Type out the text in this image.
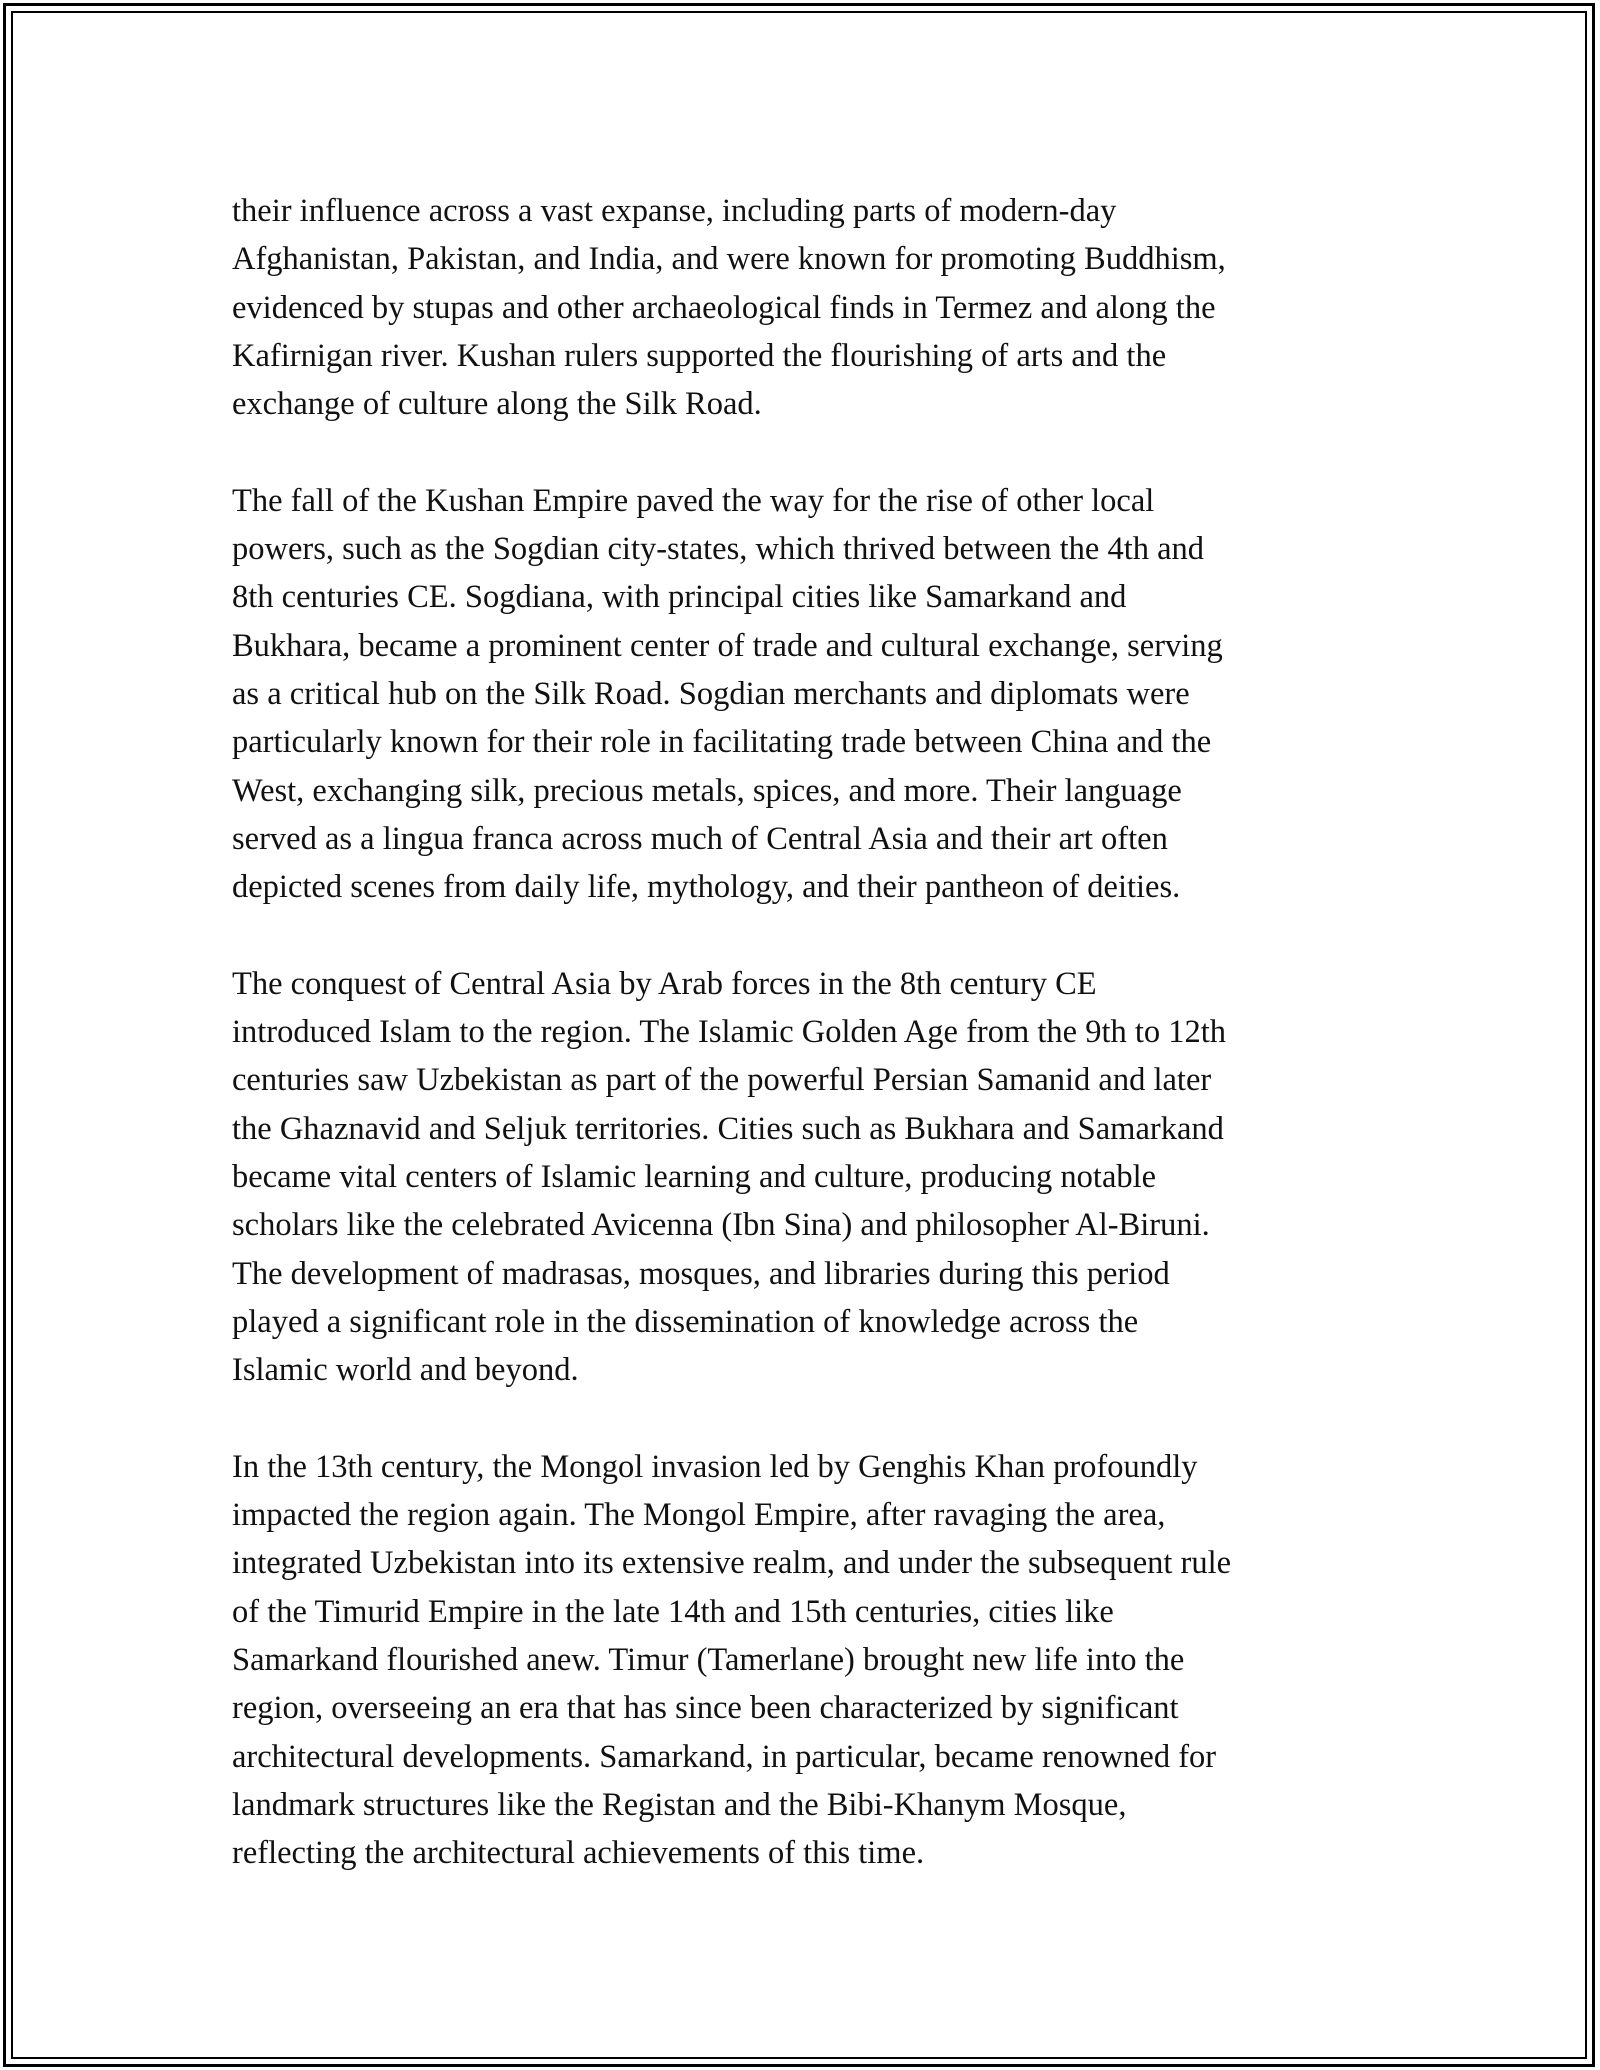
their influence across a vast expanse, including parts of modern-day
Afghanistan, Pakistan, and India, and were known for promoting Buddhism,
evidenced by stupas and other archaeological finds in Termez and along the
Kafirnigan river. Kushan rulers supported the flourishing of arts and the
exchange of culture along the Silk Road.

The fall of the Kushan Empire paved the way for the rise of other local
powers, such as the Sogdian city-states, which thrived between the 4th and
8th centuries CE. Sogdiana, with principal cities like Samarkand and
Bukhara, became a prominent center of trade and cultural exchange, serving
as a critical hub on the Silk Road. Sogdian merchants and diplomats were
particularly known for their role in facilitating trade between China and the
West, exchanging silk, precious metals, spices, and more. Their language
served as a lingua franca across much of Central Asia and their art often
depicted scenes from daily life, mythology, and their pantheon of deities.

The conquest of Central Asia by Arab forces in the 8th century CE
introduced Islam to the region. The Islamic Golden Age from the 9th to 12th
centuries saw Uzbekistan as part of the powerful Persian Samanid and later
the Ghaznavid and Seljuk territories. Cities such as Bukhara and Samarkand
became vital centers of Islamic learning and culture, producing notable
scholars like the celebrated Avicenna (Ibn Sina) and philosopher Al-Biruni.
The development of madrasas, mosques, and libraries during this period
played a significant role in the dissemination of knowledge across the
Islamic world and beyond.

In the 13th century, the Mongol invasion led by Genghis Khan profoundly
impacted the region again. The Mongol Empire, after ravaging the area,
integrated Uzbekistan into its extensive realm, and under the subsequent rule
of the Timurid Empire in the late 14th and 15th centuries, cities like
Samarkand flourished anew. Timur (Tamerlane) brought new life into the
region, overseeing an era that has since been characterized by significant
architectural developments. Samarkand, in particular, became renowned for
landmark structures like the Registan and the Bibi-Khanym Mosque,
reflecting the architectural achievements of this time.
